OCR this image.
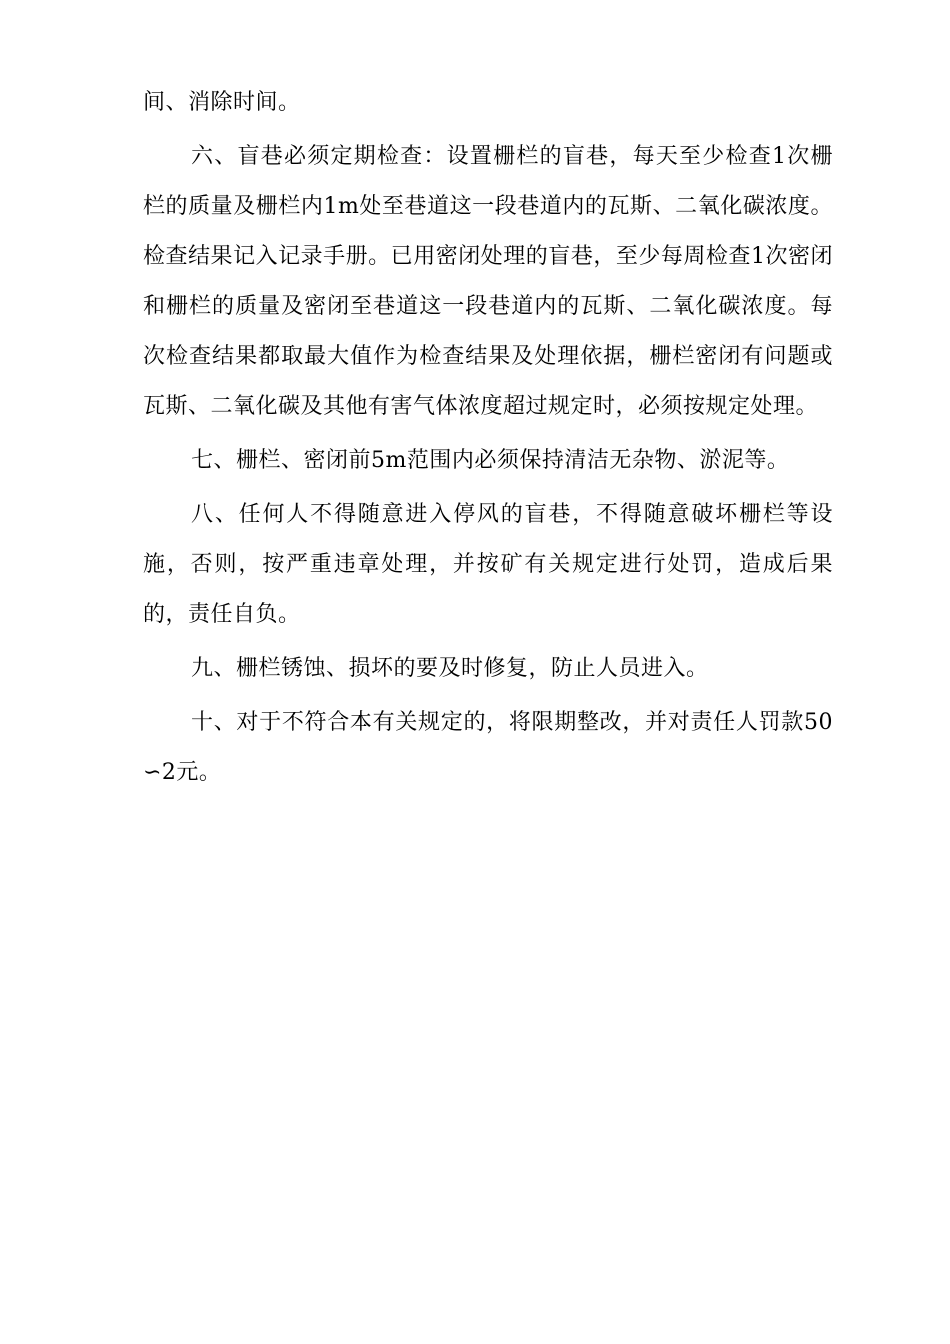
间、消除时间。

六、盲巷必须定期检查：设置栅栏的盲巷，每天至少检查1次栅栏的质量及栅栏内1m处至巷道这一段巷道内的瓦斯、二氧化碳浓度。检查结果记入记录手册。已用密闭处理的盲巷，至少每周检查1次密闭和栅栏的质量及密闭至巷道这一段巷道内的瓦斯、二氧化碳浓度。每次检查结果都取最大值作为检查结果及处理依据，栅栏密闭有问题或瓦斯、二氧化碳及其他有害气体浓度超过规定时，必须按规定处理。

七、栅栏、密闭前5m范围内必须保持清洁无杂物、淤泥等。

八、任何人不得随意进入停风的盲巷，不得随意破坏栅栏等设施，否则，按严重违章处理，并按矿有关规定进行处罚，造成后果的，责任自负。

九、栅栏锈蚀、损坏的要及时修复，防止人员进入。

十、对于不符合本有关规定的，将限期整改，并对责任人罚款50∽2元。
